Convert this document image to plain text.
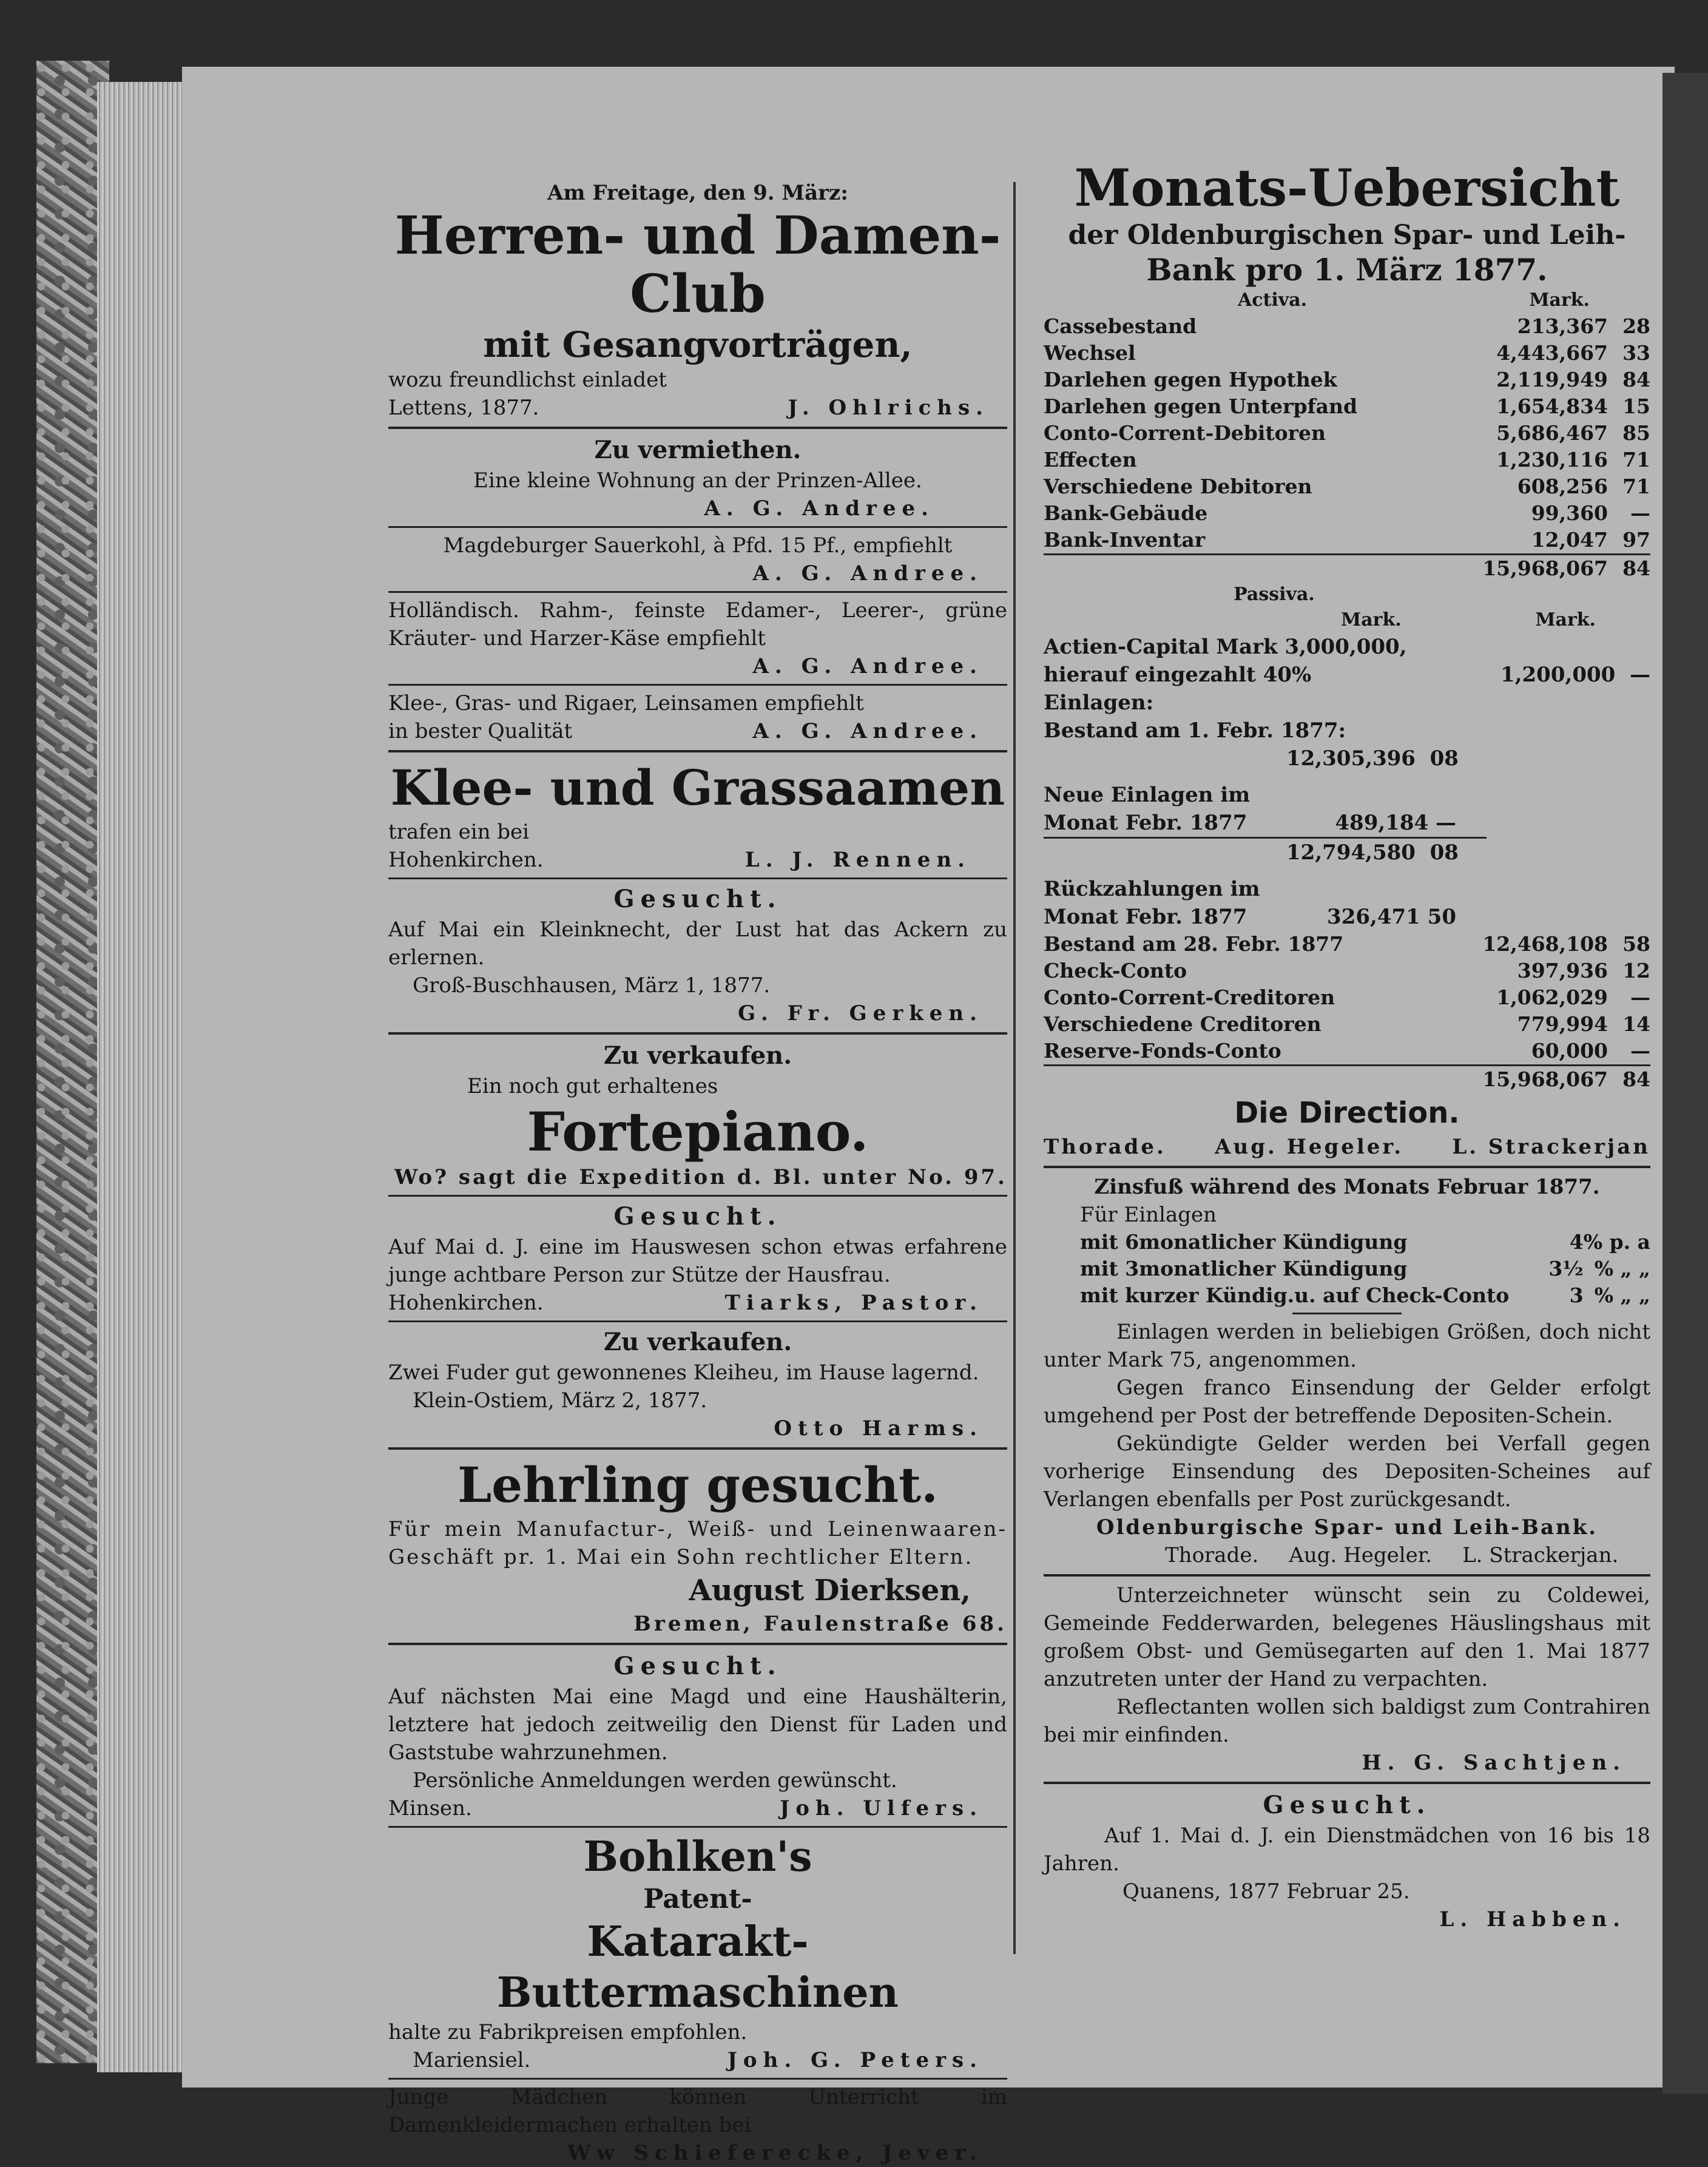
Am Freitage, den 9. März:
Herren- und Damen-Club
mit Gesangvorträgen,
wozu freundlichst einladet
Lettens, 1877.	J. Ohlrichs.
Zu vermiethen.
Eine kleine Wohnung an der Prinzen-Allee.
A. G. Andree.
Magdeburger Sauerkohl, à Pfd. 15 Pf., empfiehlt
A. G. Andree.
Holländisch. Rahm-, feinste Edamer-, Leerer-, grüne Kräuter- und Harzer-Käse empfiehlt
A. G. Andree.
Klee-, Gras- und Rigaer, Leinsamen empfiehlt
in bester Qualität	A. G. Andree.
Klee- und Grassaamen
trafen ein bei
Hohenkirchen.	L. J. Rennen.
Gesucht.
Auf Mai ein Kleinknecht, der Lust hat das Ackern zu erlernen.
Groß-Buschhausen, März 1, 1877.
G. Fr. Gerken.
Zu verkaufen.
Ein noch gut erhaltenes
Fortepiano.
Wo? sagt die Expedition d. Bl. unter No. 97.
Gesucht.
Auf Mai d. J. eine im Hauswesen schon etwas erfahrene junge achtbare Person zur Stütze der Hausfrau.
Hohenkirchen.	Tiarks, Pastor.
Zu verkaufen.
Zwei Fuder gut gewonnenes Kleiheu, im Hause lagernd.
Klein-Ostiem, März 2, 1877.
Otto Harms.
Lehrling gesucht.
Für mein Manufactur-, Weiß- und Leinenwaaren-Geschäft pr. 1. Mai ein Sohn rechtlicher Eltern.
August Dierksen,
Bremen, Faulenstraße 68.
Gesucht.
Auf nächsten Mai eine Magd und eine Haushälterin, letztere hat jedoch zeitweilig den Dienst für Laden und Gaststube wahrzunehmen.
Persönliche Anmeldungen werden gewünscht.
Minsen.	Joh. Ulfers.
Bohlken's
Patent-
Katarakt-Buttermaschinen
halte zu Fabrikpreisen empfohlen.
Mariensiel.	Joh. G. Peters.
Junge Mädchen können Unterricht im Damenkleidermachen erhalten bei
Ww Schieferecke, Jever.
Monats-Uebersicht
der Oldenburgischen Spar- und Leih-
Bank pro 1. März 1877.
Activa.	Mark.
Cassebestand	213,367	28
Wechsel	4,443,667	33
Darlehen gegen Hypothek	2,119,949	84
Darlehen gegen Unterpfand	1,654,834	15
Conto-Corrent-Debitoren	5,686,467	85
Effecten	1,230,116	71
Verschiedene Debitoren	608,256	71
Bank-Gebäude	99,360	—
Bank-Inventar	12,047	97
	15,968,067	84
Passiva.
Mark.	Mark.
Actien-Capital Mark 3,000,000,
hierauf eingezahlt 40%	1,200,000 —
Einlagen:
Bestand am 1. Febr. 1877:
12,305,396 08
Neue Einlagen im
Monat Febr. 1877	489,184 —
12,794,580 08
Rückzahlungen im
Monat Febr. 1877	326,471 50
Bestand am 28. Febr. 1877	12,468,108	58
Check-Conto	397,936	12
Conto-Corrent-Creditoren	1,062,029	—
Verschiedene Creditoren	779,994	14
Reserve-Fonds-Conto	60,000	—
	15,968,067	84
Die Direction.
Thorade. Aug. Hegeler. L. Strackerjan
Zinsfuß während des Monats Februar 1877.
Für Einlagen
mit 6monatlicher Kündigung	4	% p. a
mit 3monatlicher Kündigung	3½	% „ „
mit kurzer Kündig.u. auf Check-Conto	3	% „ „
Einlagen werden in beliebigen Größen, doch nicht unter Mark 75, angenommen.
Gegen franco Einsendung der Gelder erfolgt umgehend per Post der betreffende Depositen-Schein.
Gekündigte Gelder werden bei Verfall gegen vorherige Einsendung des Depositen-Scheines auf Verlangen ebenfalls per Post zurückgesandt.
Oldenburgische Spar- und Leih-Bank.
Thorade. Aug. Hegeler. L. Strackerjan.
Unterzeichneter wünscht sein zu Coldewei, Gemeinde Fedderwarden, belegenes Häuslingshaus mit großem Obst- und Gemüsegarten auf den 1. Mai 1877 anzutreten unter der Hand zu verpachten.
Reflectanten wollen sich baldigst zum Contrahiren bei mir einfinden.
H. G. Sachtjen.
Gesucht.
Auf 1. Mai d. J. ein Dienstmädchen von 16 bis 18 Jahren.
Quanens, 1877 Februar 25.
L. Habben.
